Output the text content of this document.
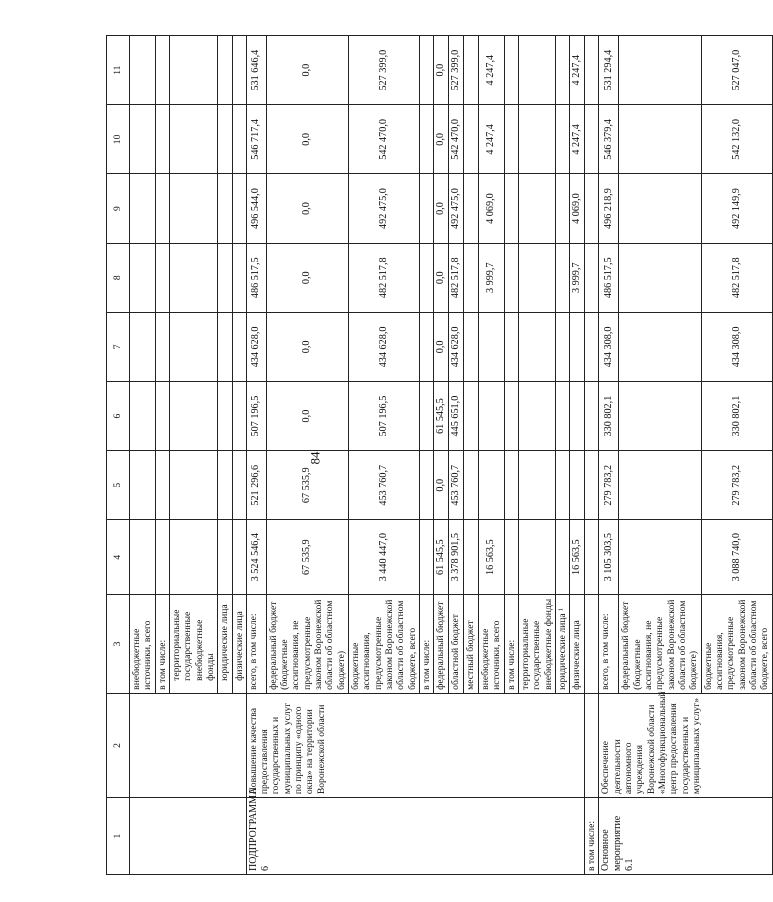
84
1	2	3	4	5	6	7	8	9	10	11
		внебюджетные источники, всего								
		в том числе:								
		территориальные государственные внебюджетные фонды								
		юридические лица								
		физические лица								
ПОДПРОГРАММА 6	Повышение качества предоставления государственных и муниципальных услуг по принципу «одного окна» на территории Воронежской области	всего, в том числе:	3 524 546,4	521 296,6	507 196,5	434 628,0	486 517,5	496 544,0	546 717,4	531 646,4
		федеральный бюджет (бюджетные ассигнования, не предусмотренные законом Воронежской области об областном бюджете)	67 535,9	67 535,9	0,0	0,0	0,0	0,0	0,0	0,0
		бюджетные ассигнования, предусмотренные законом Воронежской области об областном бюджете, всего	3 440 447,0	453 760,7	507 196,5	434 628,0	482 517,8	492 475,0	542 470,0	527 399,0
		в том числе:								
		федеральный бюджет	61 545,5	0,0	61 545,5	0,0	0,0	0,0	0,0	0,0
		областной бюджет	3 378 901,5	453 760,7	445 651,0	434 628,0	482 517,8	492 475,0	542 470,0	527 399,0
		местный бюджет								
		внебюджетные источники, всего	16 563,5				3 999,7	4 069,0	4 247,4	4 247,4
		в том числе:								
		территориальные государственные внебюджетные фонды								
		юридические лица ¹								
		физические лица	16 563,5				3 999,7	4 069,0	4 247,4	4 247,4
в том числе:										
Основное мероприятие 6.1	Обеспечение деятельности автономного учреждения Воронежской области «Многофункциональный центр предоставления государственных и муниципальных услуг»	всего, в том числе:	3 105 303,5	279 783,2	330 802,1	434 308,0	486 517,5	496 218,9	546 379,4	531 294,4
		федеральный бюджет (бюджетные ассигнования, не предусмотренные законом Воронежской области об областном бюджете)								
		бюджетные ассигнования, предусмотренные законом Воронежской области об областном бюджете, всего	3 088 740,0	279 783,2	330 802,1	434 308,0	482 517,8	492 149,9	542 132,0	527 047,0
